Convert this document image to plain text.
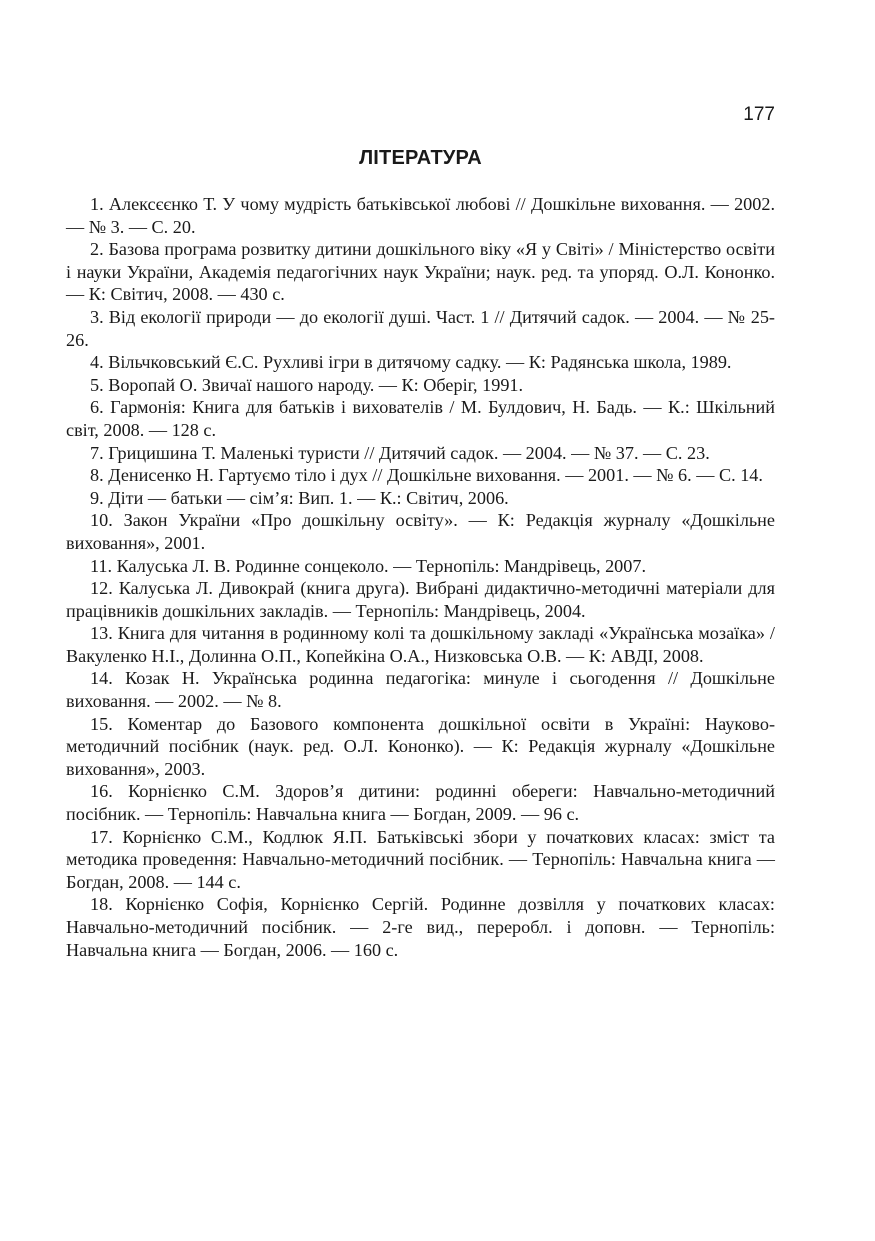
177
ЛІТЕРАТУРА
1. Алексєєнко Т. У чому мудрість батьківської любові // Дошкільне виховання. — 2002. — № 3. — С. 20.
2. Базова програма розвитку дитини дошкільного віку «Я у Світі» / Міністерство освіти і науки України, Академія педагогічних наук України; наук. ред. та упоряд. О.Л. Кононко. — К: Світич, 2008. — 430 с.
3. Від екології природи — до екології душі. Част. 1 // Дитячий садок. — 2004. — № 25-26.
4. Вільчковський Є.С. Рухливі ігри в дитячому садку. — К: Радянська школа, 1989.
5. Воропай О. Звичаї нашого народу. — К: Оберіг, 1991.
6. Гармонія: Книга для батьків і вихователів / М. Булдович, Н. Бадь. — К.: Шкільний світ, 2008. — 128 с.
7. Грицишина Т. Маленькі туристи // Дитячий садок. — 2004. — № 37. — С. 23.
8. Денисенко Н. Гартуємо тіло і дух // Дошкільне виховання. — 2001. — № 6. — С. 14.
9. Діти — батьки — сім’я: Вип. 1. — К.: Світич, 2006.
10. Закон України «Про дошкільну освіту». — К: Редакція журналу «Дошкільне виховання», 2001.
11. Калуська Л. В. Родинне сонцеколо. — Тернопіль: Мандрівець, 2007.
12. Калуська Л. Дивокрай (книга друга). Вибрані дидактично-методичні матеріали для працівників дошкільних закладів. — Тернопіль: Мандрівець, 2004.
13. Книга для читання в родинному колі та дошкільному закладі «Українська мозаїка» / Вакуленко Н.І., Долинна О.П., Копейкіна О.А., Низковська О.В. — К: АВДІ, 2008.
14. Козак Н. Українська родинна педагогіка: минуле і сьогодення // Дошкільне виховання. — 2002. — № 8.
15. Коментар до Базового компонента дошкільної освіти в Україні: Науково-методичний посібник (наук. ред. О.Л. Кононко). — К: Редакція журналу «Дошкільне виховання», 2003.
16. Корнієнко С.М. Здоров’я дитини: родинні обереги: Навчально-методичний посібник. — Тернопіль: Навчальна книга — Богдан, 2009. — 96 с.
17. Корнієнко С.М., Кодлюк Я.П. Батьківські збори у початкових класах: зміст та методика проведення: Навчально-методичний посібник. — Тернопіль: Навчальна книга — Богдан, 2008. — 144 с.
18. Корнієнко Софія, Корнієнко Сергій. Родинне дозвілля у початкових класах: Навчально-методичний посібник. — 2-ге вид., переробл. і доповн. — Тернопіль: Навчальна книга — Богдан, 2006. — 160 с.
